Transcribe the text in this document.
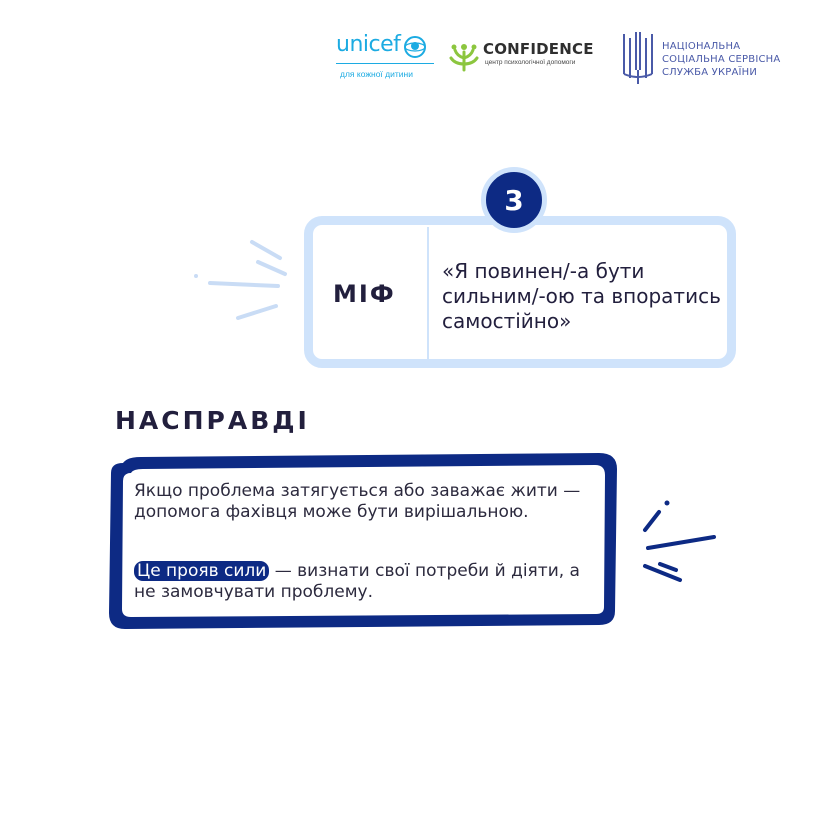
unicef
для кожної дитини
CONFIDENCE
центр психологічної допомоги
НАЦІОНАЛЬНА
СОЦІАЛЬНА СЕРВІСНА
СЛУЖБА УКРАЇНИ
МІФ
«Я повинен/-а бути сильним/-ою та впоратись самостійно»
3
НАСПРАВДІ
Якщо проблема затягується або заважає жити — допомога фахівця може бути вирішальною.
Це прояв сили — визнати свої потреби й діяти, а не замовчувати проблему.
